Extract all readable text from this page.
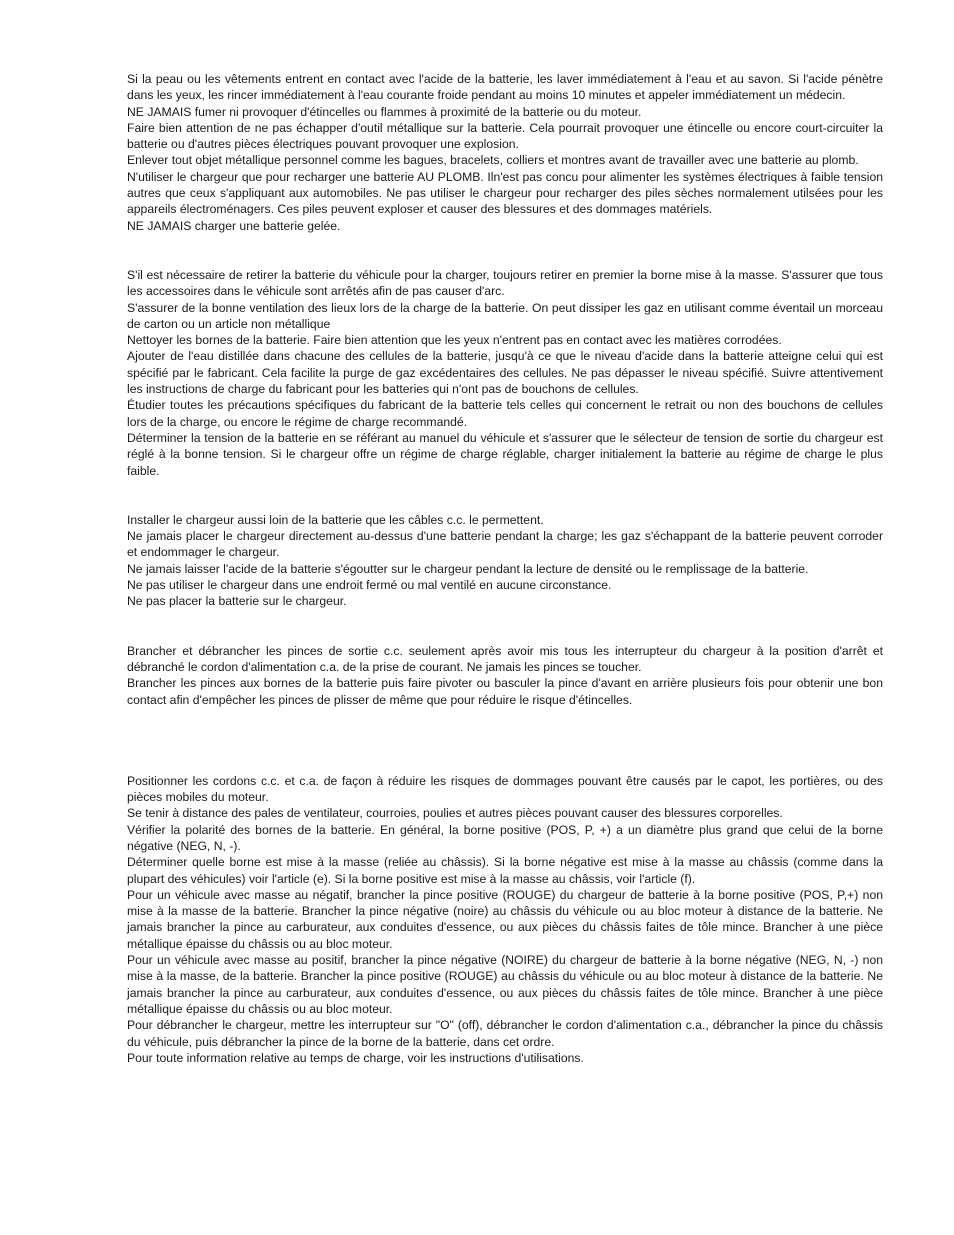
Si la peau ou les vêtements entrent en contact avec l'acide de la batterie, les laver immédiatement à l'eau et au savon. Si l'acide pénètre dans les yeux, les rincer immédiatement à l'eau courante froide pendant au moins 10 minutes et appeler immédiatement un médecin.

NE JAMAIS fumer ni provoquer d'étincelles ou flammes à proximité de la batterie ou du moteur.

Faire bien attention de ne pas échapper d'outil métallique sur la batterie. Cela pourrait provoquer une étincelle ou encore court-circuiter la batterie ou d'autres pièces électriques pouvant provoquer une explosion.

Enlever tout objet métallique personnel comme les bagues, bracelets, colliers et montres avant de travailler avec une batterie au plomb.

N'utiliser le chargeur que pour recharger une batterie AU PLOMB. Iln'est pas concu pour alimenter les systèmes électriques à faible tension autres que ceux s'appliquant aux automobiles. Ne pas utiliser le chargeur pour recharger des piles sèches normalement utilsées pour les appareils électroménagers. Ces piles peuvent exploser et causer des blessures et des dommages matériels.

NE JAMAIS charger une batterie gelée.

S'il est nécessaire de retirer la batterie du véhicule pour la charger, toujours retirer en premier la borne mise à la masse. S'assurer que tous les accessoires dans le véhicule sont arrêtés afin de pas causer d'arc.

S'assurer de la bonne ventilation des lieux lors de la charge de la batterie. On peut dissiper les gaz en utilisant comme éventail un morceau de carton ou un article non métallique

Nettoyer les bornes de la batterie. Faire bien attention que les yeux n'entrent pas en contact avec les matières corrodées.

Ajouter de l'eau distillée dans chacune des cellules de la batterie, jusqu'à ce que le niveau d'acide dans la batterie atteigne celui qui est spécifié par le fabricant. Cela facilite la purge de gaz excédentaires des cellules. Ne pas dépasser le niveau spécifié. Suivre attentivement les instructions de charge du fabricant pour les batteries qui n'ont pas de bouchons de cellules.

Étudier toutes les précautions spécifiques du fabricant de la batterie tels celles qui concernent le retrait ou non des bouchons de cellules lors de la charge, ou encore le régime de charge recommandé.

Déterminer la tension de la batterie en se référant au manuel du véhicule et s'assurer que le sélecteur de tension de sortie du chargeur est réglé à la bonne tension. Si le chargeur offre un régime de charge réglable, charger initialement la batterie au régime de charge le plus faible.

Installer le chargeur aussi loin de la batterie que les câbles c.c. le permettent.

Ne jamais placer le chargeur directement au-dessus d'une batterie pendant la charge; les gaz s'échappant de la batterie peuvent corroder et endommager le chargeur.

Ne jamais laisser l'acide de la batterie s'égoutter sur le chargeur pendant la lecture de densité ou le remplissage de la batterie.

Ne pas utiliser le chargeur dans une endroit fermé ou mal ventilé en aucune circonstance.

Ne pas placer la batterie sur le chargeur.

Brancher et débrancher les pinces de sortie c.c. seulement après avoir mis tous les interrupteur du chargeur à la position d'arrêt et débranché le cordon d'alimentation c.a. de la prise de courant. Ne jamais les pinces se toucher.

Brancher les pinces aux bornes de la batterie puis faire pivoter ou basculer la pince d'avant en arrière plusieurs fois pour obtenir une bon contact afin d'empêcher les pinces de plisser de même que pour réduire le risque d'étincelles.

Positionner les cordons c.c. et c.a. de façon à réduire les risques de dommages pouvant être causés par le capot, les portières, ou des pièces mobiles du moteur.

Se tenir à distance des pales de ventilateur, courroies, poulies et autres pièces pouvant causer des blessures corporelles.

Vérifier la polarité des bornes de la batterie. En général, la borne positive (POS, P, +) a un diamètre plus grand que celui de la borne négative (NEG, N, -).

Déterminer quelle borne est mise à la masse (reliée au châssis). Si la borne négative est mise à la masse au châssis (comme dans la plupart des véhicules) voir l'article (e). Si la borne positive est mise à la masse au châssis, voir l'article (f).

Pour un véhicule avec masse au négatif, brancher la pince positive (ROUGE) du chargeur de batterie à la borne positive (POS, P,+) non mise à la masse de la batterie. Brancher la pince négative (noire) au châssis du véhicule ou au bloc moteur à distance de la batterie. Ne jamais brancher la pince au carburateur, aux conduites d'essence, ou aux pièces du châssis faites de tôle mince. Brancher à une pièce métallique épaisse du châssis ou au bloc moteur.

Pour un véhicule avec masse au positif, brancher la pince négative (NOIRE) du chargeur de batterie à la borne négative (NEG, N, -) non mise à la masse, de la batterie. Brancher la pince positive (ROUGE) au châssis du véhicule ou au bloc moteur à distance de la batterie. Ne jamais brancher la pince au carburateur, aux conduites d'essence, ou aux pièces du châssis faites de tôle mince. Brancher à une pièce métallique épaisse du châssis ou au bloc moteur.

Pour débrancher le chargeur, mettre les interrupteur sur "O" (off), débrancher le cordon d'alimentation c.a., débrancher la pince du châssis du véhicule, puis débrancher la pince de la borne de la batterie, dans cet ordre.

Pour toute information relative au temps de charge, voir les instructions d'utilisations.
